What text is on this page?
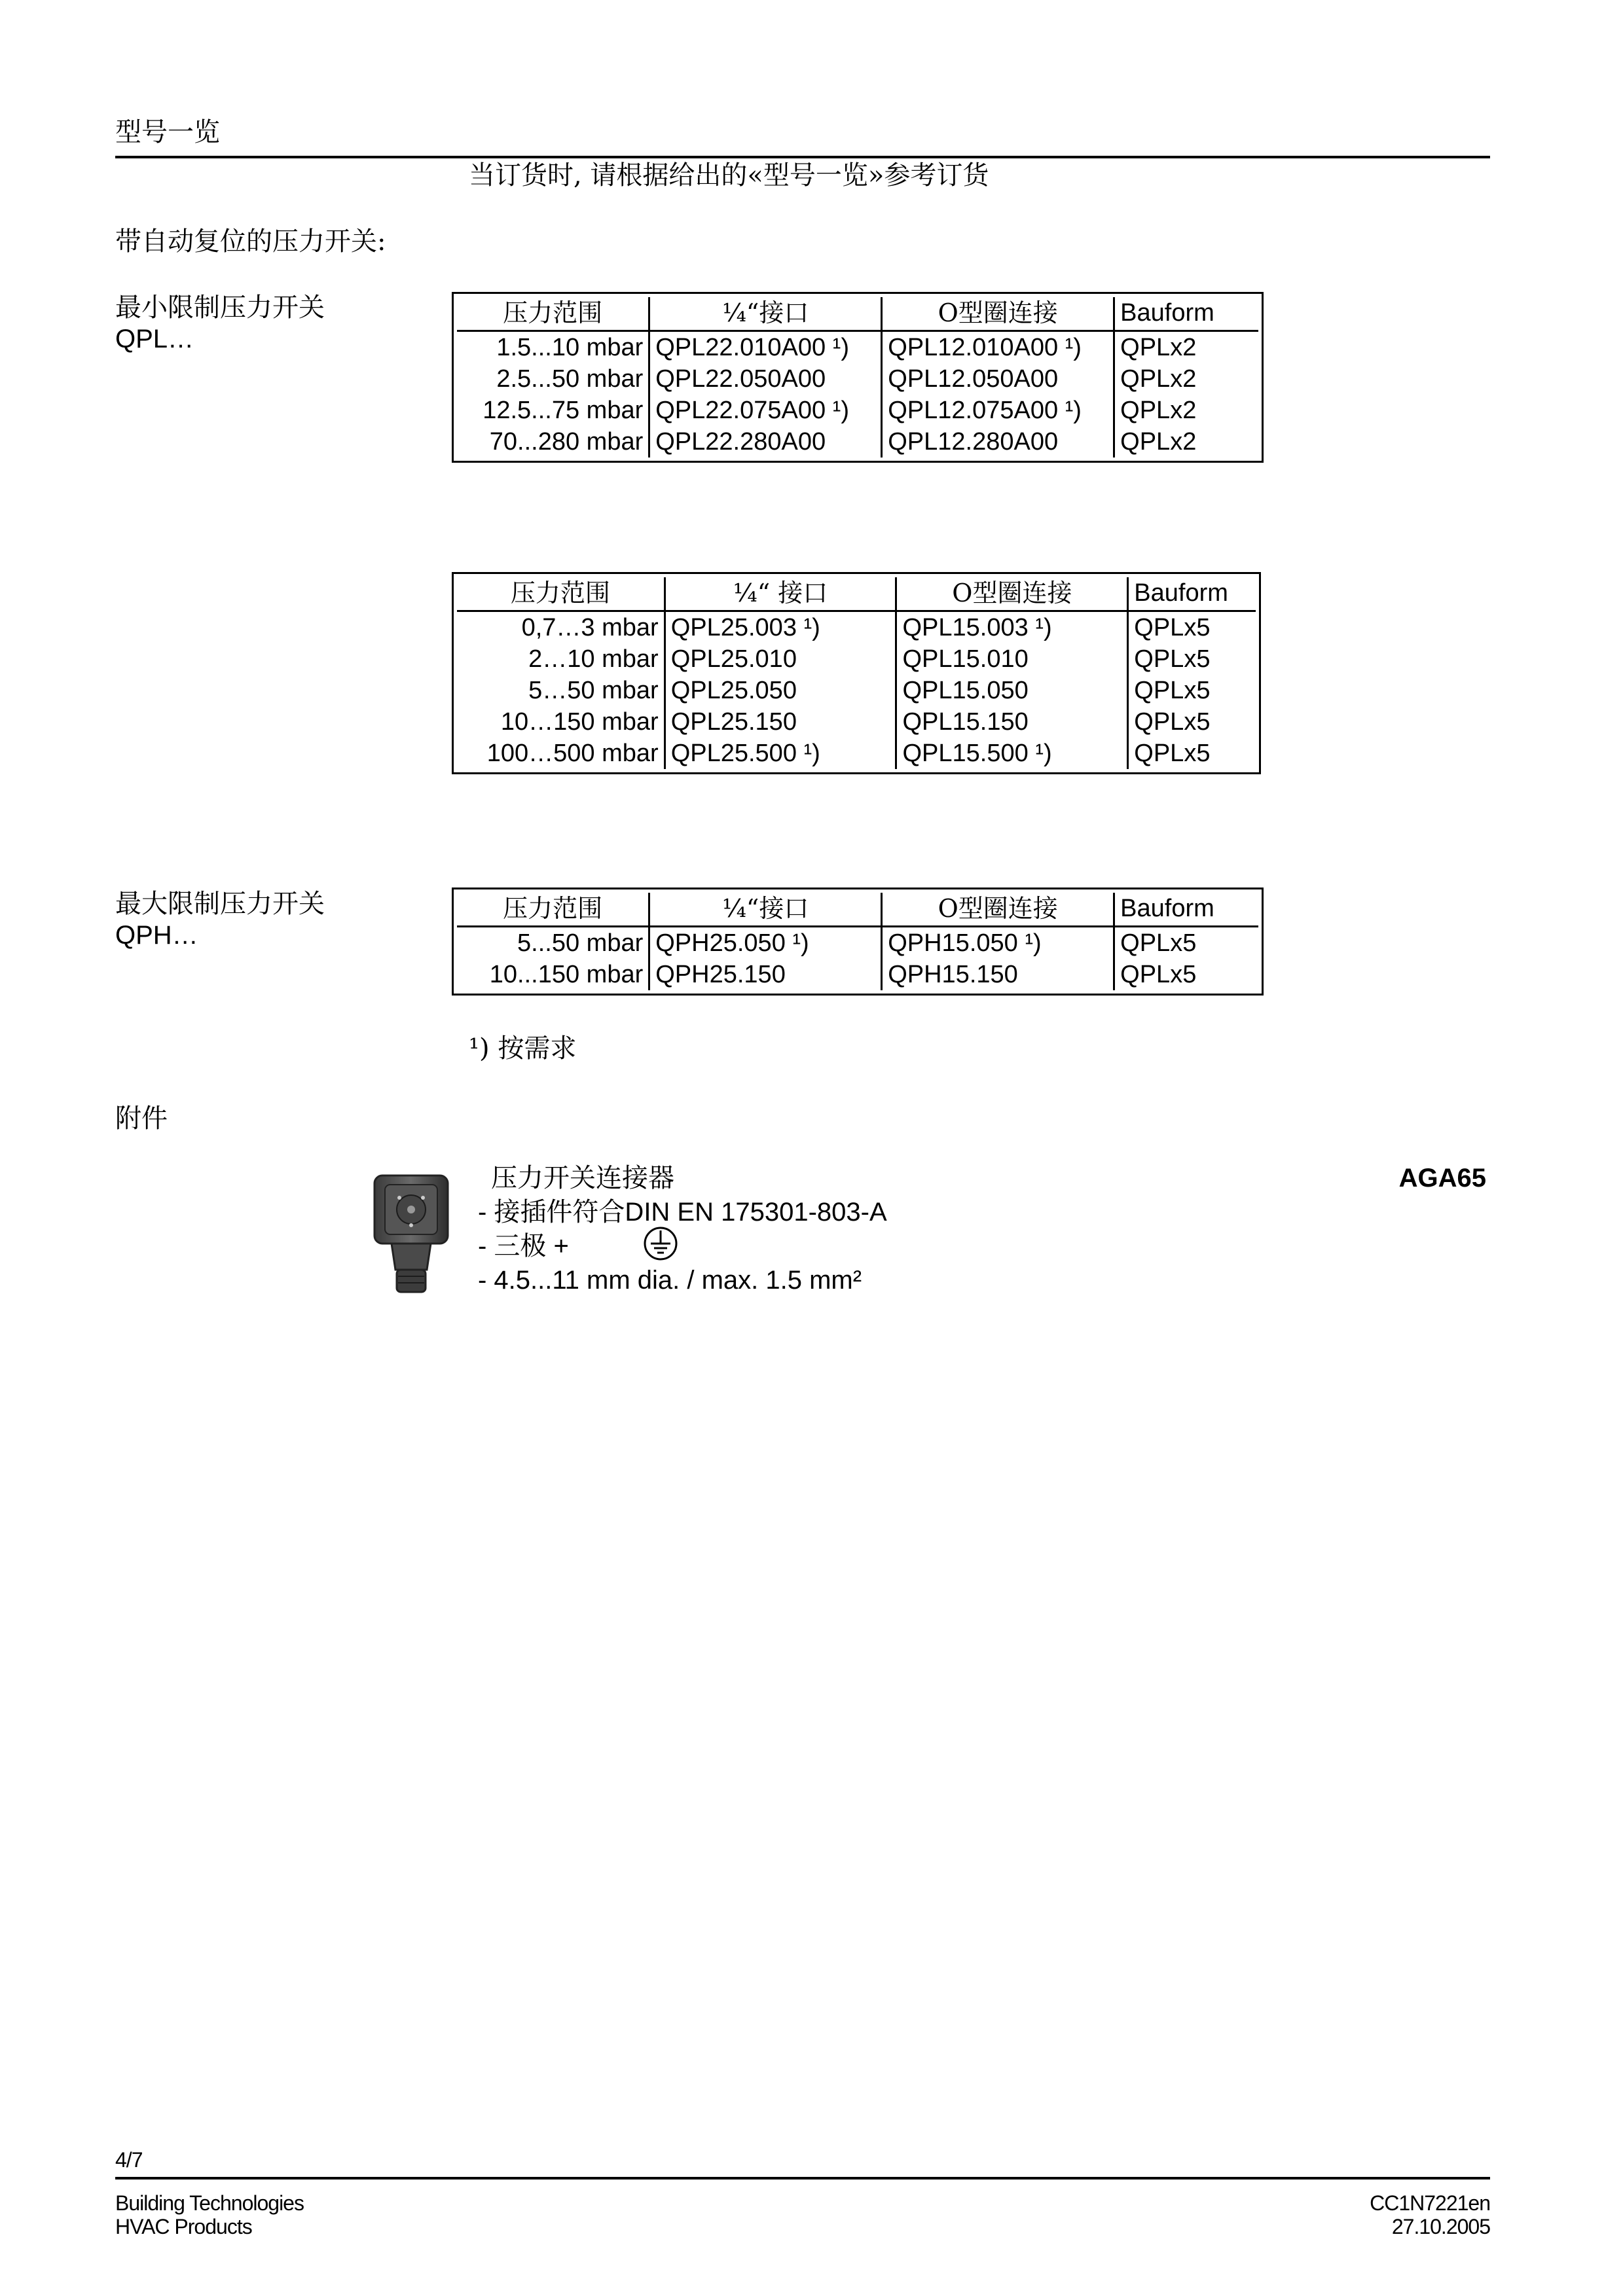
型号一览
当订货时, 请根据给出的«型号一览»参考订货
带自动复位的压力开关:
最小限制压力开关
QPL…
压力范围	¼“接口	O型圈连接	Bauform
1.5...10 mbar	QPL22.010A00 ¹)	QPL12.010A00 ¹)	QPLx2
2.5...50 mbar	QPL22.050A00	QPL12.050A00	QPLx2
12.5...75 mbar	QPL22.075A00 ¹)	QPL12.075A00 ¹)	QPLx2
70...280 mbar	QPL22.280A00	QPL12.280A00	QPLx2
压力范围	¼“ 接口	O型圈连接	Bauform
0,7…3 mbar	QPL25.003 ¹)	QPL15.003 ¹)	QPLx5
2…10 mbar	QPL25.010	QPL15.010	QPLx5
5…50 mbar	QPL25.050	QPL15.050	QPLx5
10…150 mbar	QPL25.150	QPL15.150	QPLx5
100…500 mbar	QPL25.500 ¹)	QPL15.500 ¹)	QPLx5
最大限制压力开关
QPH…
压力范围	¼“接口	O型圈连接	Bauform
5...50 mbar	QPH25.050 ¹)	QPH15.050 ¹)	QPLx5
10...150 mbar	QPH25.150	QPH15.150	QPLx5
¹) 按需求
附件
压力开关连接器
- 接插件符合DIN EN 175301-803-A
- 三极 +
- 4.5...11 mm dia. / max. 1.5 mm²
AGA65
4/7
Building Technologies
HVAC Products
CC1N7221en
27.10.2005
